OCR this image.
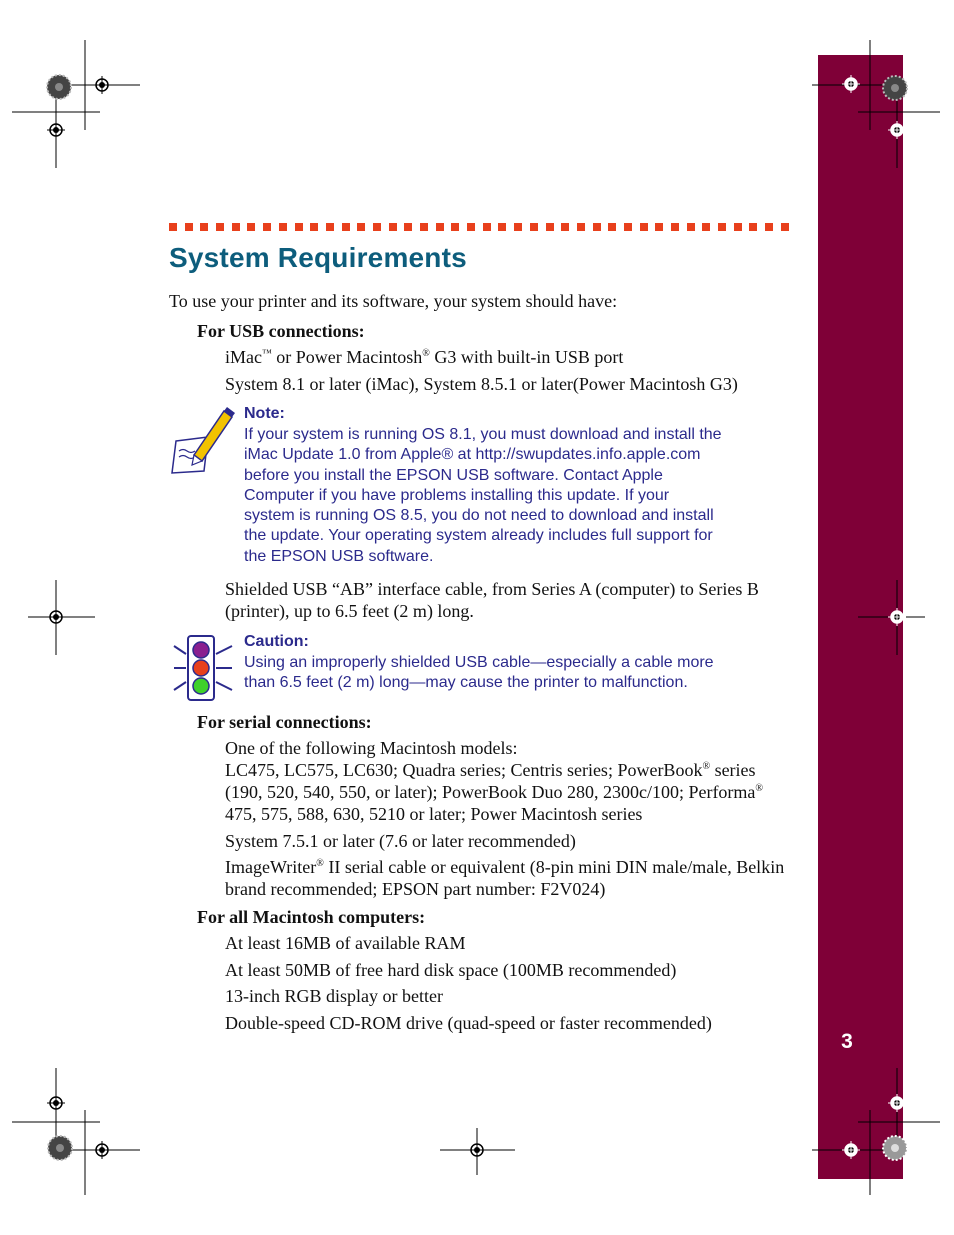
3
System Requirements
To use your printer and its software, your system should have:
For USB connections:
iMac™ or Power Macintosh® G3 with built-in USB port
System 8.1 or later (iMac), System 8.5.1 or later(Power Macintosh G3)
Note:
If your system is running OS 8.1, you must download and install the
iMac Update 1.0 from Apple® at http://swupdates.info.apple.com
before you install the EPSON USB software. Contact Apple
Computer if you have problems installing this update. If your
system is running OS 8.5, you do not need to download and install
the update. Your operating system already includes full support for
the EPSON USB software.
Shielded USB “AB” interface cable, from Series A (computer) to Series B
(printer), up to 6.5 feet (2 m) long.
Caution:
Using an improperly shielded USB cable—especially a cable more
than 6.5 feet (2 m) long—may cause the printer to malfunction.
For serial connections:
One of the following Macintosh models:
LC475, LC575, LC630; Quadra series; Centris series; PowerBook® series
(190, 520, 540, 550, or later); PowerBook Duo 280, 2300c/100; Performa®
475, 575, 588, 630, 5210 or later; Power Macintosh series
System 7.5.1 or later (7.6 or later recommended)
ImageWriter® II serial cable or equivalent (8-pin mini DIN male/male, Belkin
brand recommended; EPSON part number: F2V024)
For all Macintosh computers:
At least 16MB of available RAM
At least 50MB of free hard disk space (100MB recommended)
13-inch RGB display or better
Double-speed CD-ROM drive (quad-speed or faster recommended)
